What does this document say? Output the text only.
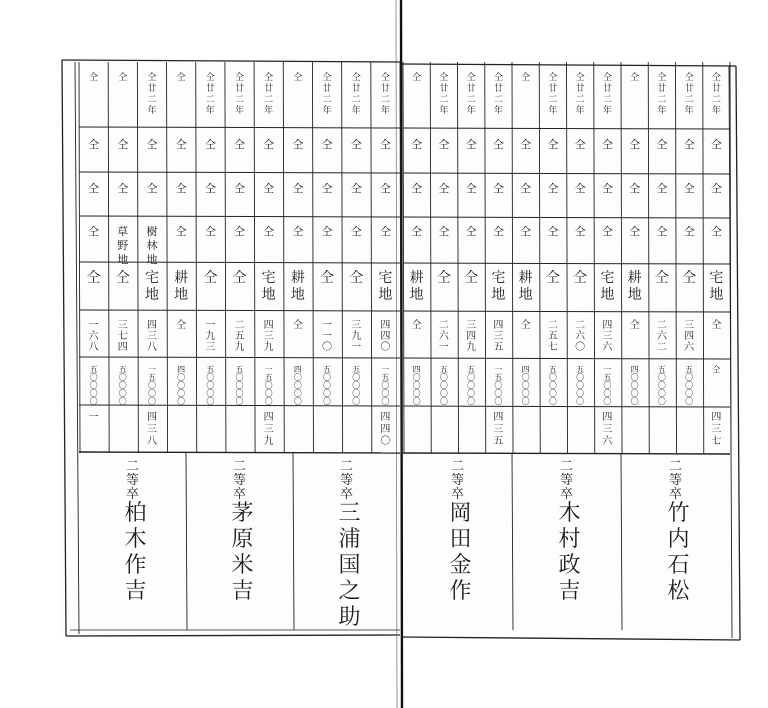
仝廿二年
仝
仝
仝
宅地
四四〇
一五〇〇〇
四四〇
仝廿二年
仝
仝
仝
仝
三九一
五〇〇〇〇
仝廿二年
仝
仝
仝
仝
一一〇
五〇〇〇〇
仝
仝
仝
仝
耕地
仝
四〇〇〇〇
仝廿二年
仝
仝
仝
宅地
四三九
一五〇〇〇
四三九
仝廿二年
仝
仝
仝
仝
二五九
五〇〇〇〇
仝廿二年
仝
仝
仝
仝
一九三
五〇〇〇〇
仝
仝
仝
仝
耕地
仝
四〇〇〇〇
仝廿二年
仝
仝
樹林地
宅地
四三八
一五〇〇〇
四三八
仝
仝
仝
草野地
仝
三七四
五〇〇〇〇
仝
仝
仝
仝
仝
一六八
五〇〇〇〇
一
仝廿二年
仝
仝
仝
宅地
仝
仝
四三七
仝廿二年
仝
仝
仝
仝
三四六
五〇〇〇〇
仝廿二年
仝
仝
仝
仝
二六二
五〇〇〇〇
仝
仝
仝
仝
耕地
仝
四〇〇〇〇
仝廿二年
仝
仝
仝
宅地
四三六
一五〇〇〇
四三六
仝廿二年
仝
仝
仝
仝
二六〇
五〇〇〇〇
仝廿二年
仝
仝
仝
仝
二五七
五〇〇〇〇
仝
仝
仝
仝
耕地
仝
四〇〇〇〇
仝廿二年
仝
仝
仝
宅地
四三五
一五〇〇〇
四三五
仝廿二年
仝
仝
仝
仝
三四九
五〇〇〇〇
仝廿二年
仝
仝
仝
仝
二六一
五〇〇〇〇
仝
仝
仝
仝
耕地
仝
四〇〇〇〇
二等卒
三浦国之助
二等卒
茅原米吉
二等卒
柏木作吉
二等卒
竹内石松
二等卒
木村政吉
二等卒
岡田金作
